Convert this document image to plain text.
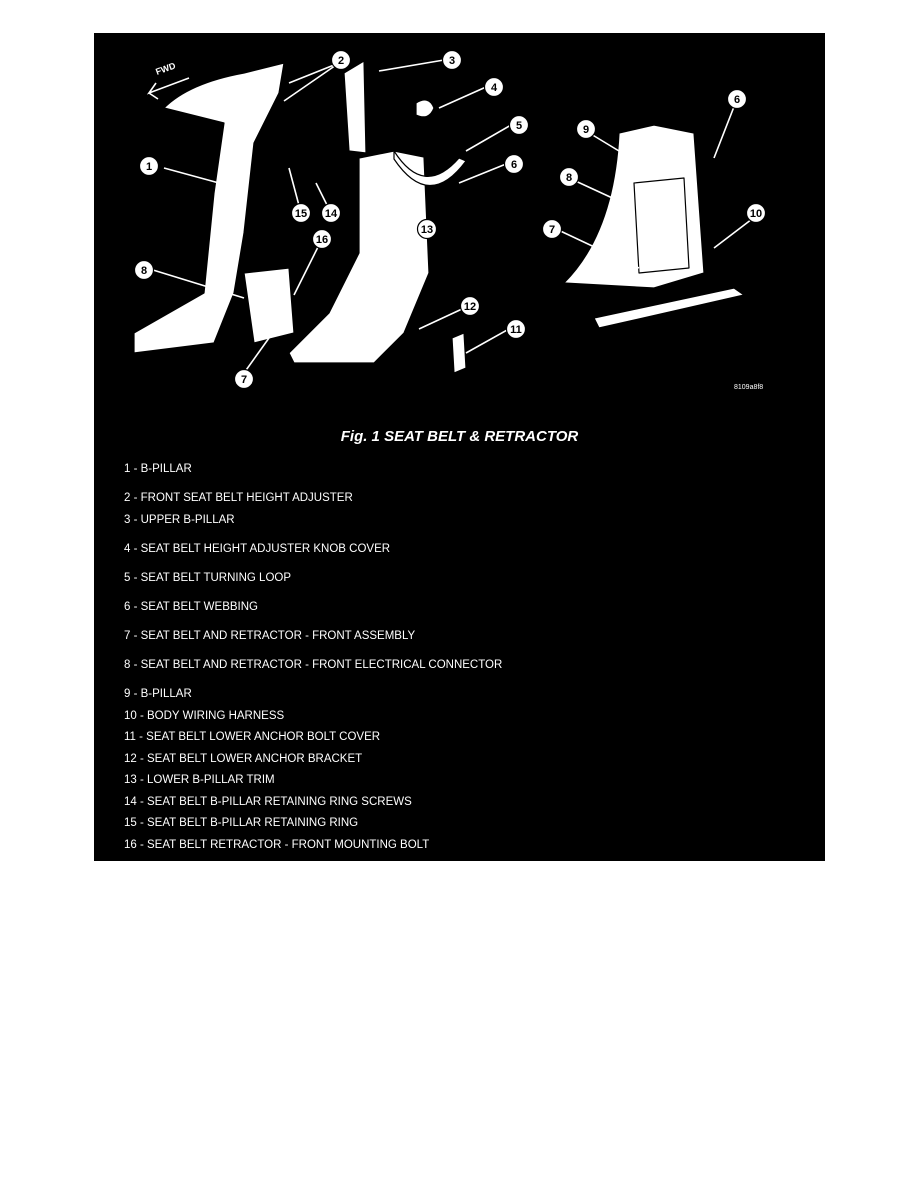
FWD
1
2	3
4
5
6
7
8
9
10
11
12
13
14
15
16
6
7
8
8109a8f8
Fig. 1 SEAT BELT & RETRACTOR
1 - B-PILLAR
2 - FRONT SEAT BELT HEIGHT ADJUSTER
3 - UPPER B-PILLAR
4 - SEAT BELT HEIGHT ADJUSTER KNOB COVER
5 - SEAT BELT TURNING LOOP
6 - SEAT BELT WEBBING
7 - SEAT BELT AND RETRACTOR - FRONT ASSEMBLY
8 - SEAT BELT AND RETRACTOR - FRONT ELECTRICAL CONNECTOR
9 - B-PILLAR
10 - BODY WIRING HARNESS
11 - SEAT BELT LOWER ANCHOR BOLT COVER
12 - SEAT BELT LOWER ANCHOR BRACKET
13 - LOWER B-PILLAR TRIM
14 - SEAT BELT B-PILLAR RETAINING RING SCREWS
15 - SEAT BELT B-PILLAR RETAINING RING
16 - SEAT BELT RETRACTOR - FRONT MOUNTING BOLT
